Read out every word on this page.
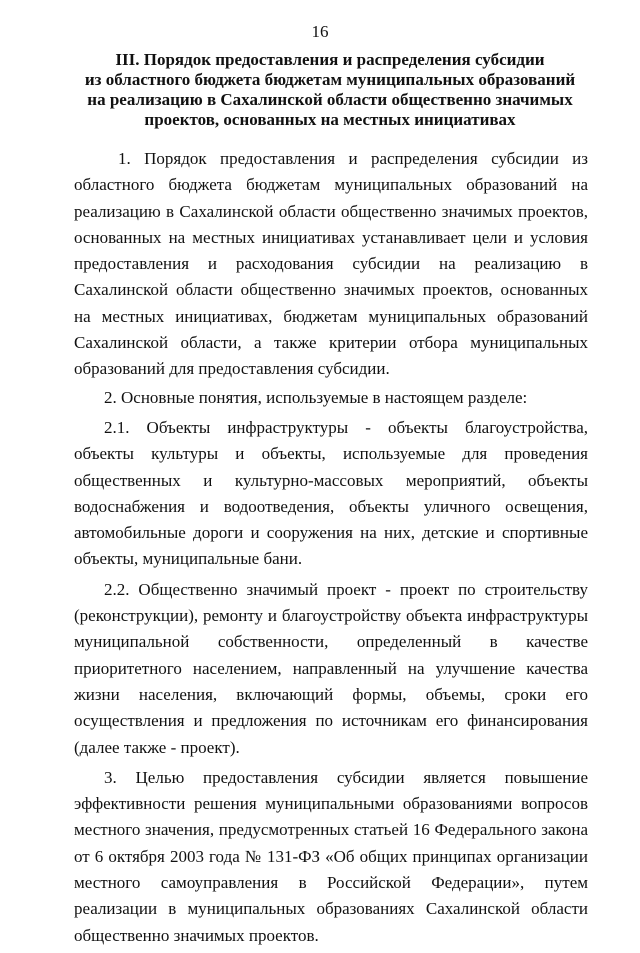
16
III. Порядок предоставления и распределения субсидии
из областного бюджета бюджетам муниципальных образований
на реализацию в Сахалинской области общественно значимых
проектов, основанных на местных инициативах

1. Порядок предоставления и распределения субсидии из областного бюджета бюджетам муниципальных образований на реализацию в Сахалинской области общественно значимых проектов, основанных на местных инициативах устанавливает цели и условия предоставления и расходования субсидии на реализацию в Сахалинской области общественно значимых проектов, основанных на местных инициативах, бюджетам муниципальных образований Сахалинской области, а также критерии отбора муниципальных образований для предоставления субсидии.

2. Основные понятия, используемые в настоящем разделе:

2.1. Объекты инфраструктуры - объекты благоустройства, объекты культуры и объекты, используемые для проведения общественных и культурно-массовых мероприятий, объекты водоснабжения и водоотведения, объекты уличного освещения, автомобильные дороги и сооружения на них, детские и спортивные объекты, муниципальные бани.

2.2. Общественно значимый проект - проект по строительству (реконструкции), ремонту и благоустройству объекта инфраструктуры муниципальной собственности, определенный в качестве приоритетного населением, направленный на улучшение качества жизни населения, включающий формы, объемы, сроки его осуществления и предложения по источникам его финансирования (далее также - проект).

3. Целью предоставления субсидии является повышение эффективности решения муниципальными образованиями вопросов местного значения, предусмотренных статьей 16 Федерального закона от 6 октября 2003 года № 131-ФЗ «Об общих принципах организации местного самоуправления в Российской Федерации», путем реализации в муниципальных образованиях Сахалинской области общественно значимых проектов.
